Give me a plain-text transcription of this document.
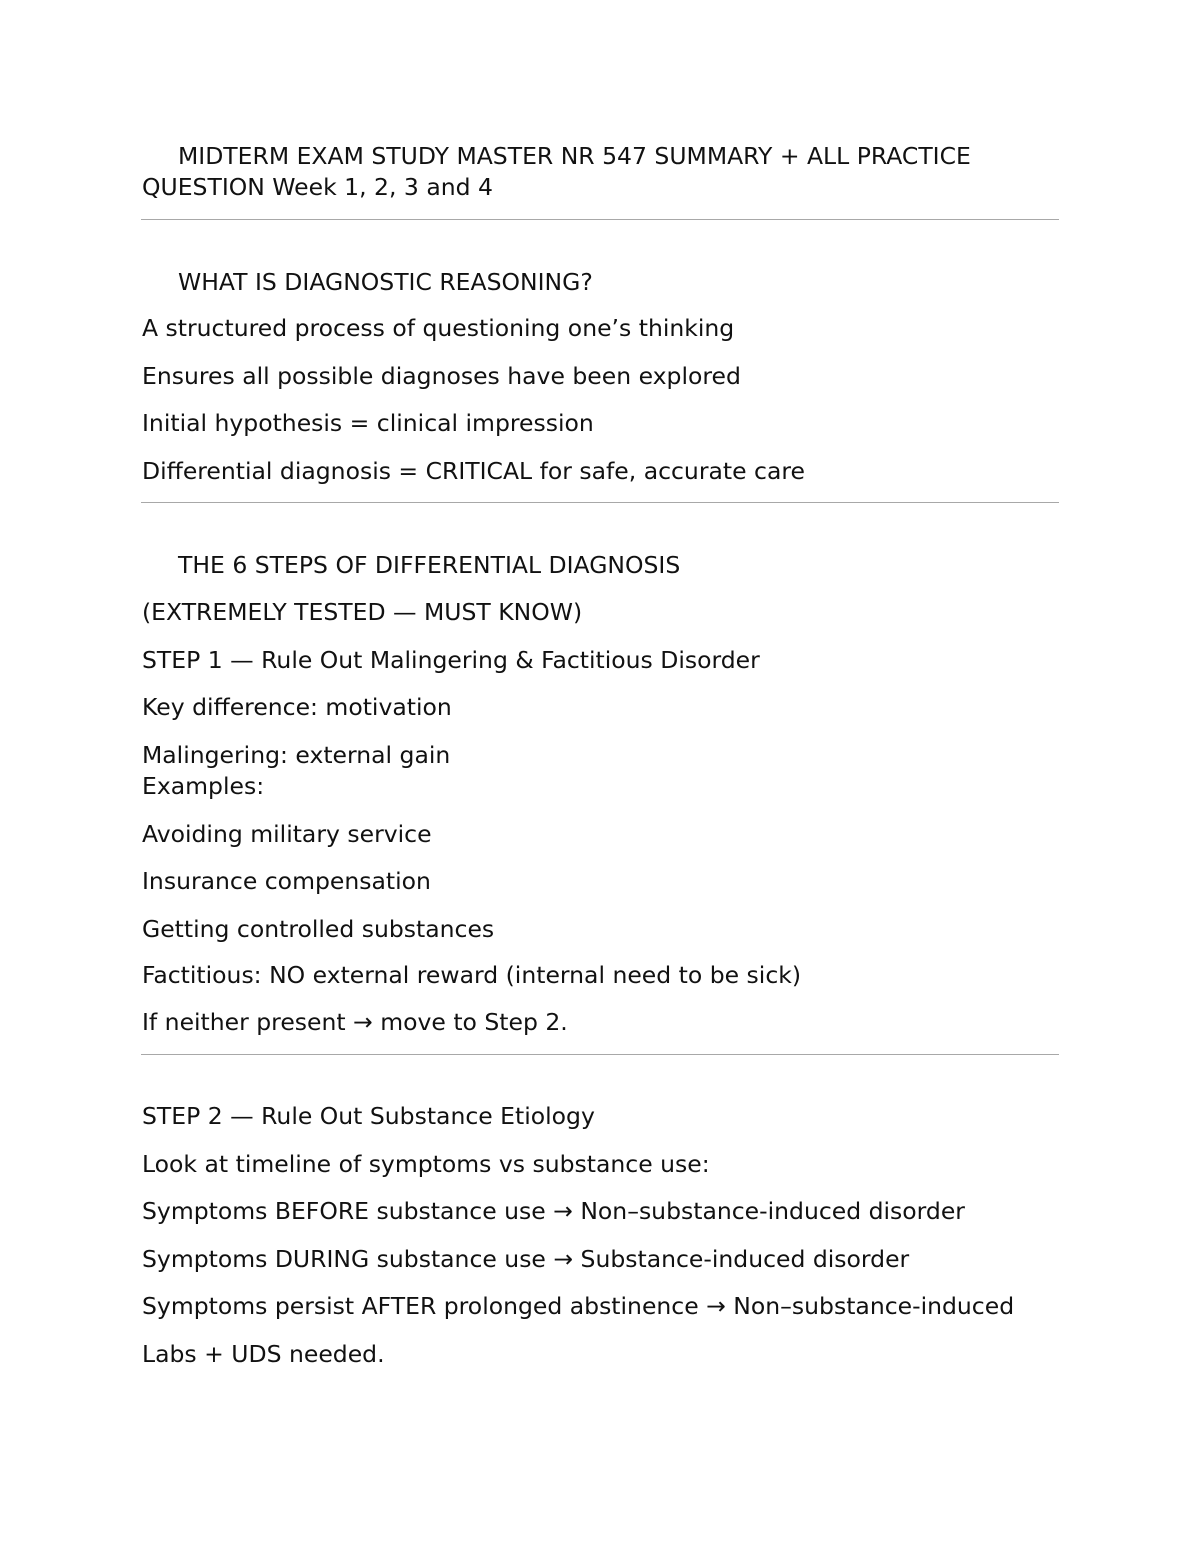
MIDTERM EXAM STUDY MASTER NR 547 SUMMARY + ALL PRACTICE
QUESTION Week 1, 2, 3 and 4
WHAT IS DIAGNOSTIC REASONING?

A structured process of questioning one’s thinking

Ensures all possible diagnoses have been explored

Initial hypothesis = clinical impression

Differential diagnosis = CRITICAL for safe, accurate care

THE 6 STEPS OF DIFFERENTIAL DIAGNOSIS

(EXTREMELY TESTED — MUST KNOW)

STEP 1 — Rule Out Malingering & Factitious Disorder

Key difference: motivation

Malingering: external gain

Examples:

Avoiding military service

Insurance compensation

Getting controlled substances

Factitious: NO external reward (internal need to be sick)

If neither present → move to Step 2.

STEP 2 — Rule Out Substance Etiology

Look at timeline of symptoms vs substance use:

Symptoms BEFORE substance use → Non–substance-induced disorder

Symptoms DURING substance use → Substance-induced disorder

Symptoms persist AFTER prolonged abstinence → Non–substance-induced

Labs + UDS needed.
